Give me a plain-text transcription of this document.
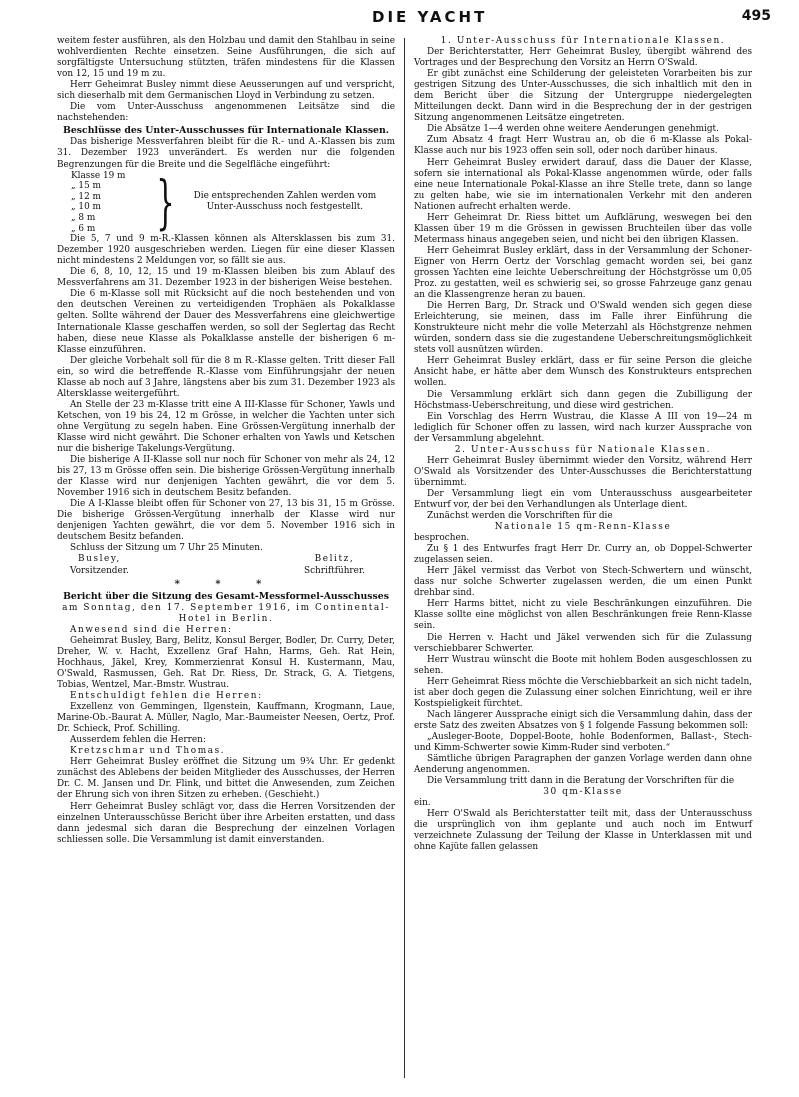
DIE YACHT	495

weitem fester ausführen, als den Holzbau und damit den Stahlbau in seine wohlverdienten Rechte einsetzen. Seine Ausführungen, die sich auf sorgfältigste Untersuchung stützten, träfen mindestens für die Klassen von 12, 15 und 19 m zu.

Herr Geheimrat Busley nimmt diese Aeusserungen auf und verspricht, sich dieserhalb mit dem Germanischen Lloyd in Verbindung zu setzen.

Die vom Unter-Ausschuss angenommenen Leitsätze sind die nachstehenden:

Beschlüsse des Unter-Ausschusses für Internationale Klassen.

Das bisherige Messverfahren bleibt für die R.- und A.-Klassen bis zum 31. Dezember 1923 unverändert. Es werden nur die folgenden Begrenzungen für die Breite und die Segelfläche eingeführt:

Klasse 19 m
„ 15 m
„ 12 m
„ 10 m
„ 8 m
„ 6 m	}	Die entsprechenden Zahlen werden vom Unter-Ausschuss noch festgestellt.

Die 5, 7 und 9 m-R.-Klassen können als Altersklassen bis zum 31. Dezember 1920 ausgeschrieben werden. Liegen für eine dieser Klassen nicht mindestens 2 Meldungen vor, so fällt sie aus.

Die 6, 8, 10, 12, 15 und 19 m-Klassen bleiben bis zum Ablauf des Messverfahrens am 31. Dezember 1923 in der bisherigen Weise bestehen.

Die 6 m-Klasse soll mit Rücksicht auf die noch bestehenden und von den deutschen Vereinen zu verteidigenden Trophäen als Pokalklasse gelten. Sollte während der Dauer des Messverfahrens eine gleichwertige Internationale Klasse geschaffen werden, so soll der Seglertag das Recht haben, diese neue Klasse als Pokalklasse anstelle der bisherigen 6 m-Klasse einzuführen.

Der gleiche Vorbehalt soll für die 8 m R.-Klasse gelten. Tritt dieser Fall ein, so wird die betreffende R.-Klasse vom Einführungsjahr der neuen Klasse ab noch auf 3 Jahre, längstens aber bis zum 31. Dezember 1923 als Altersklasse weitergeführt.

An Stelle der 23 m-Klasse tritt eine A III-Klasse für Schoner, Yawls und Ketschen, von 19 bis 24, 12 m Grösse, in welcher die Yachten unter sich ohne Vergütung zu segeln haben. Eine Grössen-Vergütung innerhalb der Klasse wird nicht gewährt. Die Schoner erhalten von Yawls und Ketschen nur die bisherige Takelungs-Vergütung.

Die bisherige A II-Klasse soll nur noch für Schoner von mehr als 24, 12 bis 27, 13 m Grösse offen sein. Die bisherige Grössen-Vergütung innerhalb der Klasse wird nur denjenigen Yachten gewährt, die vor dem 5. November 1916 sich in deutschem Besitz befanden.

Die A I-Klasse bleibt offen für Schoner von 27, 13 bis 31, 15 m Grösse. Die bisherige Grössen-Vergütung innerhalb der Klasse wird nur denjenigen Yachten gewährt, die vor dem 5. November 1916 sich in deutschem Besitz befanden.

Schluss der Sitzung um 7 Uhr 25 Minuten.

Busley,
Vorsitzender.
Belitz,
Schriftführer.

* * *

Bericht über die Sitzung des Gesamt-Messformel-Ausschusses

am Sonntag, den 17. September 1916, im Continental-Hotel in Berlin.

Anwesend sind die Herren:

Geheimrat Busley, Barg, Belitz, Konsul Berger, Bodler, Dr. Curry, Deter, Dreher, W. v. Hacht, Exzellenz Graf Hahn, Harms, Geh. Rat Hein, Hochhaus, Jäkel, Krey, Kommerzienrat Konsul H. Kustermann, Mau, O'Swald, Rasmussen, Geh. Rat Dr. Riess, Dr. Strack, G. A. Tietgens, Tobias, Wentzel, Mar.-Bmstr. Wustrau.

Entschuldigt fehlen die Herren:

Exzellenz von Gemmingen, Ilgenstein, Kauffmann, Krogmann, Laue, Marine-Ob.-Baurat A. Müller, Naglo, Mar.-Baumeister Neesen, Oertz, Prof. Dr. Schieck, Prof. Schilling.

Ausserdem fehlen die Herren:

Kretzschmar und Thomas.

Herr Geheimrat Busley eröffnet die Sitzung um 9¾ Uhr. Er gedenkt zunächst des Ablebens der beiden Mitglieder des Ausschusses, der Herren Dr. C. M. Jansen und Dr. Flink, und bittet die Anwesenden, zum Zeichen der Ehrung sich von ihren Sitzen zu erheben. (Geschieht.)

Herr Geheimrat Busley schlägt vor, dass die Herren Vorsitzenden der einzelnen Unterausschüsse Bericht über ihre Arbeiten erstatten, und dass dann jedesmal sich daran die Besprechung der einzelnen Vorlagen schliessen solle. Die Versammlung ist damit einverstanden.

1. Unter-Ausschuss für Internationale Klassen.

Der Berichterstatter, Herr Geheimrat Busley, übergibt während des Vortrages und der Besprechung den Vorsitz an Herrn O'Swald.

Er gibt zunächst eine Schilderung der geleisteten Vorarbeiten bis zur gestrigen Sitzung des Unter-Ausschusses, die sich inhaltlich mit den in dem Bericht über die Sitzung der Untergruppe niedergelegten Mitteilungen deckt. Dann wird in die Besprechung der in der gestrigen Sitzung angenommenen Leitsätze eingetreten.

Die Absätze 1—4 werden ohne weitere Aenderungen genehmigt.

Zum Absatz 4 fragt Herr Wustrau an, ob die 6 m-Klasse als Pokal-Klasse auch nur bis 1923 offen sein soll, oder noch darüber hinaus.

Herr Geheimrat Busley erwidert darauf, dass die Dauer der Klasse, sofern sie international als Pokal-Klasse angenommen würde, oder falls eine neue Internationale Pokal-Klasse an ihre Stelle trete, dann so lange zu gelten habe, wie sie im internationalen Verkehr mit den anderen Nationen aufrecht erhalten werde.

Herr Geheimrat Dr. Riess bittet um Aufklärung, weswegen bei den Klassen über 19 m die Grössen in gewissen Bruchteilen über das volle Metermass hinaus angegeben seien, und nicht bei den übrigen Klassen.

Herr Geheimrat Busley erklärt, dass in der Versammlung der Schoner-Eigner von Herrn Oertz der Vorschlag gemacht worden sei, bei ganz grossen Yachten eine leichte Ueberschreitung der Höchstgrösse um 0,05 Proz. zu gestatten, weil es schwierig sei, so grosse Fahrzeuge ganz genau an die Klassengrenze heran zu bauen.

Die Herren Barg, Dr. Strack und O'Swald wenden sich gegen diese Erleichterung, sie meinen, dass im Falle ihrer Einführung die Konstrukteure nicht mehr die volle Meterzahl als Höchstgrenze nehmen würden, sondern dass sie die zugestandene Ueberschreitungsmöglichkeit stets voll ausnützen würden.

Herr Geheimrat Busley erklärt, dass er für seine Person die gleiche Ansicht habe, er hätte aber dem Wunsch des Konstrukteurs entsprechen wollen.

Die Versammlung erklärt sich dann gegen die Zubilligung der Höchstmass-Ueberschreitung, und diese wird gestrichen.

Ein Vorschlag des Herrn Wustrau, die Klasse A III von 19—24 m lediglich für Schoner offen zu lassen, wird nach kurzer Aussprache von der Versammlung abgelehnt.

2. Unter-Ausschuss für Nationale Klassen.

Herr Geheimrat Busley übernimmt wieder den Vorsitz, während Herr O'Swald als Vorsitzender des Unter-Ausschusses die Berichterstattung übernimmt.

Der Versammlung liegt ein vom Unterausschuss ausgearbeiteter Entwurf vor, der bei den Verhandlungen als Unterlage dient.

Zunächst werden die Vorschriften für die

Nationale 15 qm-Renn-Klasse

besprochen.

Zu § 1 des Entwurfes fragt Herr Dr. Curry an, ob Doppel-Schwerter zugelassen seien.

Herr Jäkel vermisst das Verbot von Stech-Schwertern und wünscht, dass nur solche Schwerter zugelassen werden, die um einen Punkt drehbar sind.

Herr Harms bittet, nicht zu viele Beschränkungen einzuführen. Die Klasse sollte eine möglichst von allen Beschränkungen freie Renn-Klasse sein.

Die Herren v. Hacht und Jäkel verwenden sich für die Zulassung verschiebbarer Schwerter.

Herr Wustrau wünscht die Boote mit hohlem Boden ausgeschlossen zu sehen.

Herr Geheimrat Riess möchte die Verschiebbarkeit an sich nicht tadeln, ist aber doch gegen die Zulassung einer solchen Einrichtung, weil er ihre Kostspieligkeit fürchtet.

Nach längerer Aussprache einigt sich die Versammlung dahin, dass der erste Satz des zweiten Absatzes von § 1 folgende Fassung bekommen soll:

„Ausleger-Boote, Doppel-Boote, hohle Bodenformen, Ballast-, Stech- und Kimm-Schwerter sowie Kimm-Ruder sind verboten.“

Sämtliche übrigen Paragraphen der ganzen Vorlage werden dann ohne Aenderung angenommen.

Die Versammlung tritt dann in die Beratung der Vorschriften für die

30 qm-Klasse

ein.

Herr O'Swald als Berichterstatter teilt mit, dass der Unterausschuss die ursprünglich von ihm geplante und auch noch im Entwurf verzeichnete Zulassung der Teilung der Klasse in Unterklassen mit und ohne Kajüte fallen gelassen
